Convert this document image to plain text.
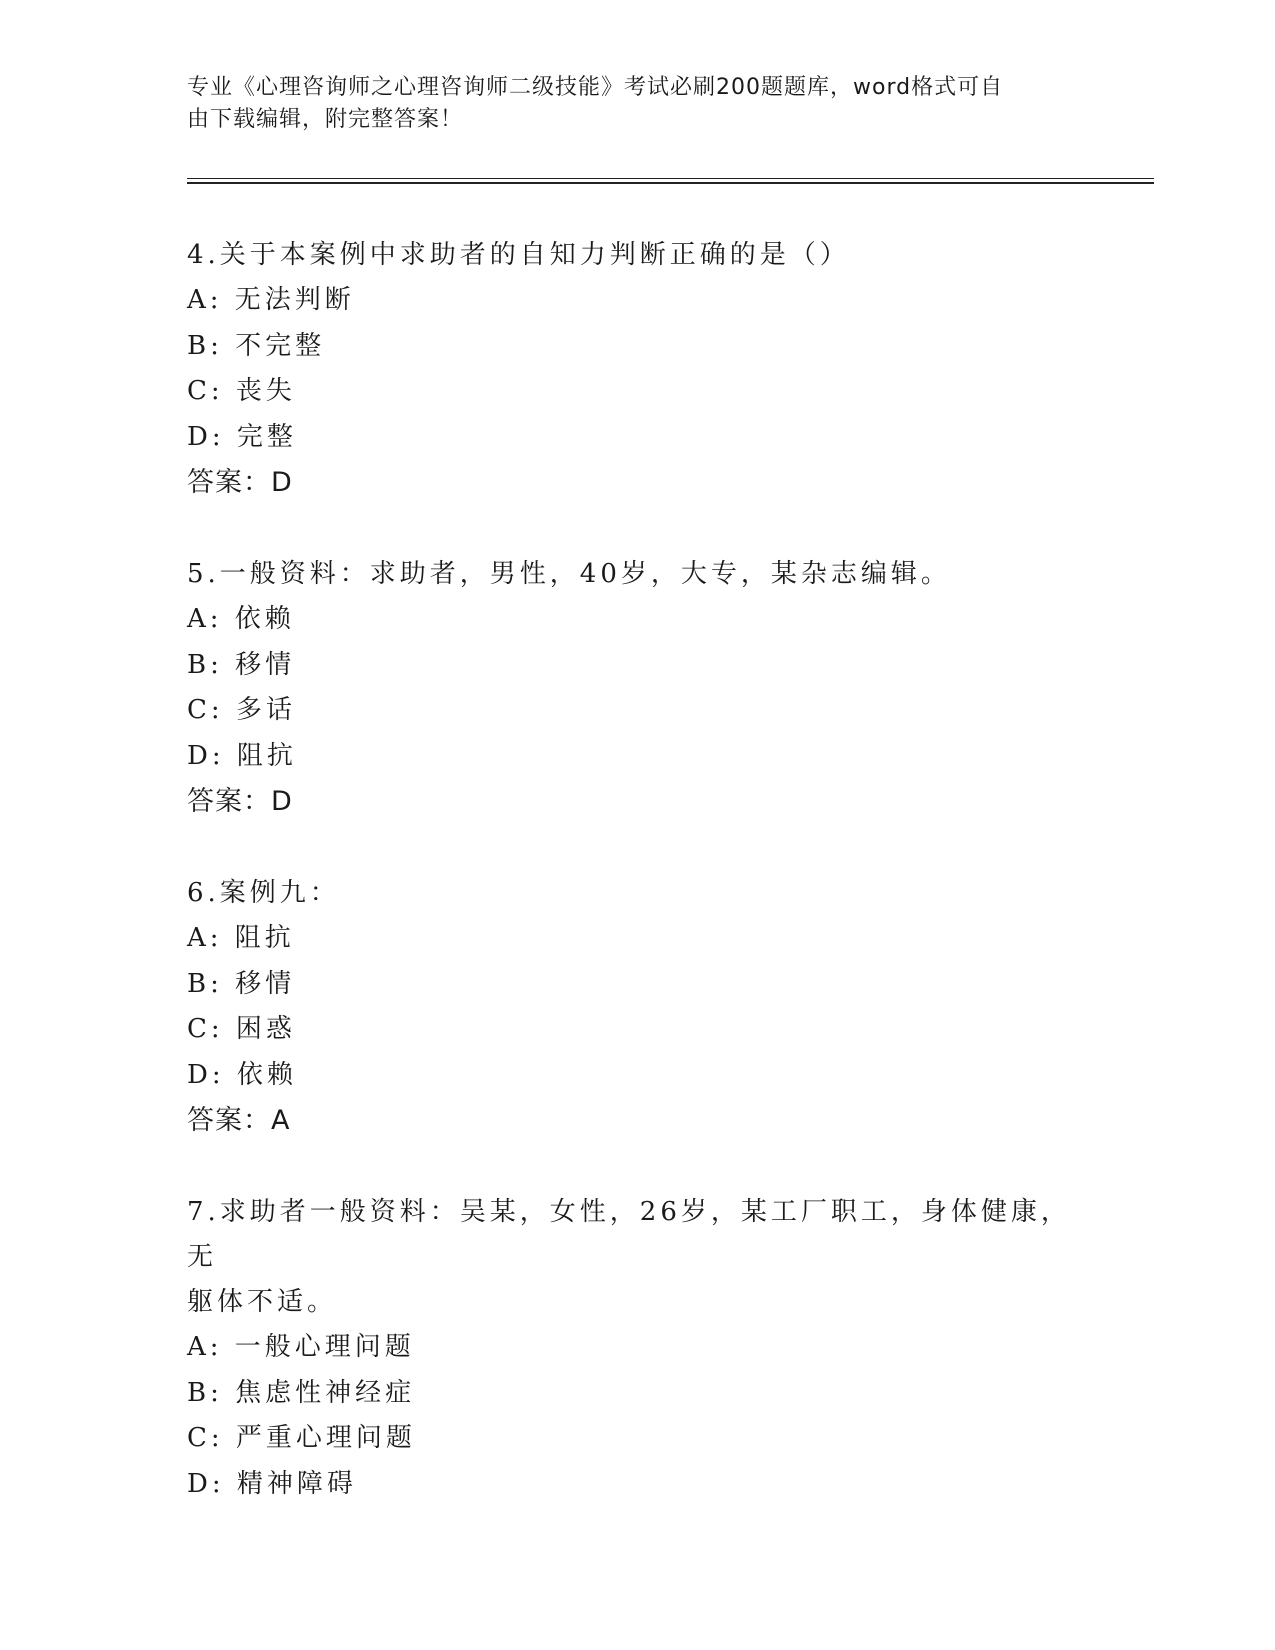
专业《心理咨询师之心理咨询师二级技能》考试必刷200题题库，word格式可自
由下载编辑，附完整答案！
4.关于本案例中求助者的自知力判断正确的是（）
A: 无法判断
B: 不完整
C: 丧失
D: 完整
答案：D
5.一般资料：求助者，男性，40岁，大专，某杂志编辑。
A: 依赖
B: 移情
C: 多话
D: 阻抗
答案：D
6.案例九：
A: 阻抗
B: 移情
C: 困惑
D: 依赖
答案：A
7.求助者一般资料：吴某，女性，26岁，某工厂职工，身体健康，无
躯体不适。
A: 一般心理问题
B: 焦虑性神经症
C: 严重心理问题
D: 精神障碍
